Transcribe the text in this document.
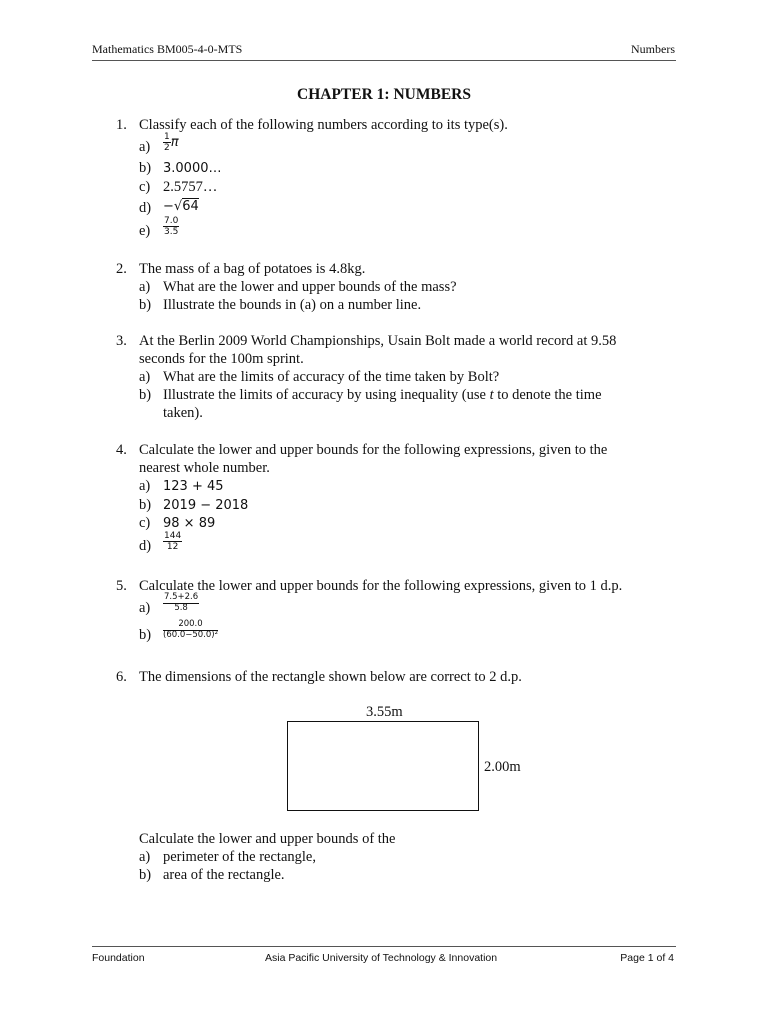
Mathematics BM005-4-0-MTS	Numbers
CHAPTER 1: NUMBERS
1. Classify each of the following numbers according to its type(s).
$a) \frac{1}{2}$ π
b) 3.0000…
c) 2.5757…
d) −√64
$e) \frac{7.0}{3.5}$
2. The mass of a bag of potatoes is 4.8kg.
a) What are the lower and upper bounds of the mass?
b) Illustrate the bounds in (a) on a number line.
3. At the Berlin 2009 World Championships, Usain Bolt made a world record at 9.58
seconds for the 100m sprint.
a) What are the limits of accuracy of the time taken by Bolt?
b) Illustrate the limits of accuracy by using inequality (use t to denote the time
taken).
4. Calculate the lower and upper bounds for the following expressions, given to the
nearest whole number.
a) 123 + 45
b) 2019 − 2018
c) 98 × 89
$d) \frac{144}{12}$
5. Calculate the lower and upper bounds for the following expressions, given to 1 d.p.
$a) \frac{7.5+2.6}{5.8}$
$b) \frac{200.0}{\text{(60.0−50.0)²}}$
6. The dimensions of the rectangle shown below are correct to 2 d.p.
3.55m
2.00m
Calculate the lower and upper bounds of the
a) perimeter of the rectangle,
b) area of the rectangle.
Foundation	Asia Pacific University of Technology & Innovation	Page 1 of 4
